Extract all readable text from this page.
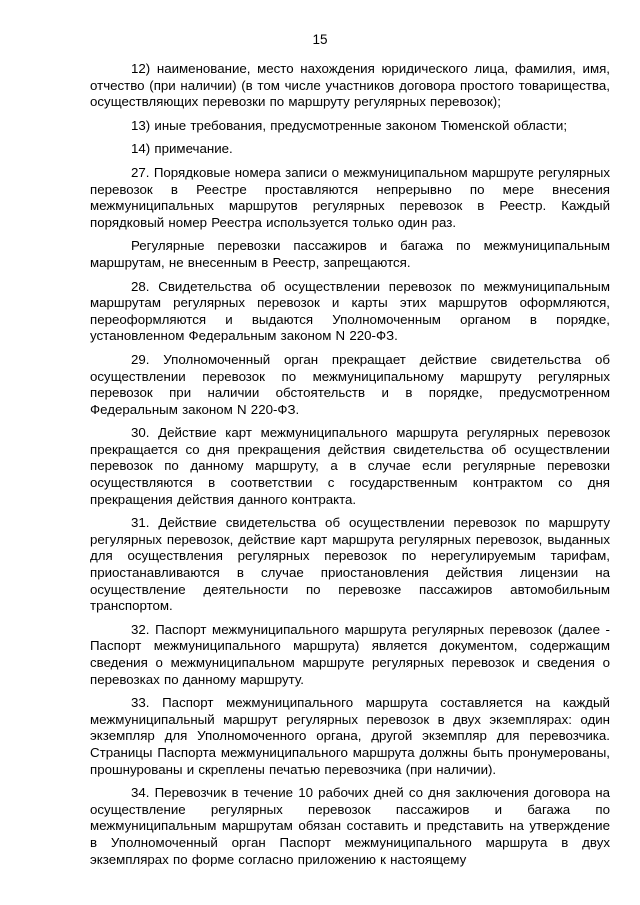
15

12) наименование, место нахождения юридического лица, фамилия, имя, отчество (при наличии) (в том числе участников договора простого товарищества, осуществляющих перевозки по маршруту регулярных перевозок);

13) иные требования, предусмотренные законом Тюменской области;

14) примечание.

27. Порядковые номера записи о межмуниципальном маршруте регулярных перевозок в Реестре проставляются непрерывно по мере внесения межмуниципальных маршрутов регулярных перевозок в Реестр. Каждый порядковый номер Реестра используется только один раз.

Регулярные перевозки пассажиров и багажа по межмуниципальным маршрутам, не внесенным в Реестр, запрещаются.

28. Свидетельства об осуществлении перевозок по межмуниципальным маршрутам регулярных перевозок и карты этих маршрутов оформляются, переоформляются и выдаются Уполномоченным органом в порядке, установленном Федеральным законом N 220-ФЗ.

29. Уполномоченный орган прекращает действие свидетельства об осуществлении перевозок по межмуниципальному маршруту регулярных перевозок при наличии обстоятельств и в порядке, предусмотренном Федеральным законом N 220-ФЗ.

30. Действие карт межмуниципального маршрута регулярных перевозок прекращается со дня прекращения действия свидетельства об осуществлении перевозок по данному маршруту, а в случае если регулярные перевозки осуществляются в соответствии с государственным контрактом со дня прекращения действия данного контракта.

31. Действие свидетельства об осуществлении перевозок по маршруту регулярных перевозок, действие карт маршрута регулярных перевозок, выданных для осуществления регулярных перевозок по нерегулируемым тарифам, приостанавливаются в случае приостановления действия лицензии на осуществление деятельности по перевозке пассажиров автомобильным транспортом.

32. Паспорт межмуниципального маршрута регулярных перевозок (далее - Паспорт межмуниципального маршрута) является документом, содержащим сведения о межмуниципальном маршруте регулярных перевозок и сведения о перевозках по данному маршруту.

33. Паспорт межмуниципального маршрута составляется на каждый межмуниципальный маршрут регулярных перевозок в двух экземплярах: один экземпляр для Уполномоченного органа, другой экземпляр для перевозчика. Страницы Паспорта межмуниципального маршрута должны быть пронумерованы, прошнурованы и скреплены печатью перевозчика (при наличии).

34. Перевозчик в течение 10 рабочих дней со дня заключения договора на осуществление регулярных перевозок пассажиров и багажа по межмуниципальным маршрутам обязан составить и представить на утверждение в Уполномоченный орган Паспорт межмуниципального маршрута в двух экземплярах по форме согласно приложению к настоящему
